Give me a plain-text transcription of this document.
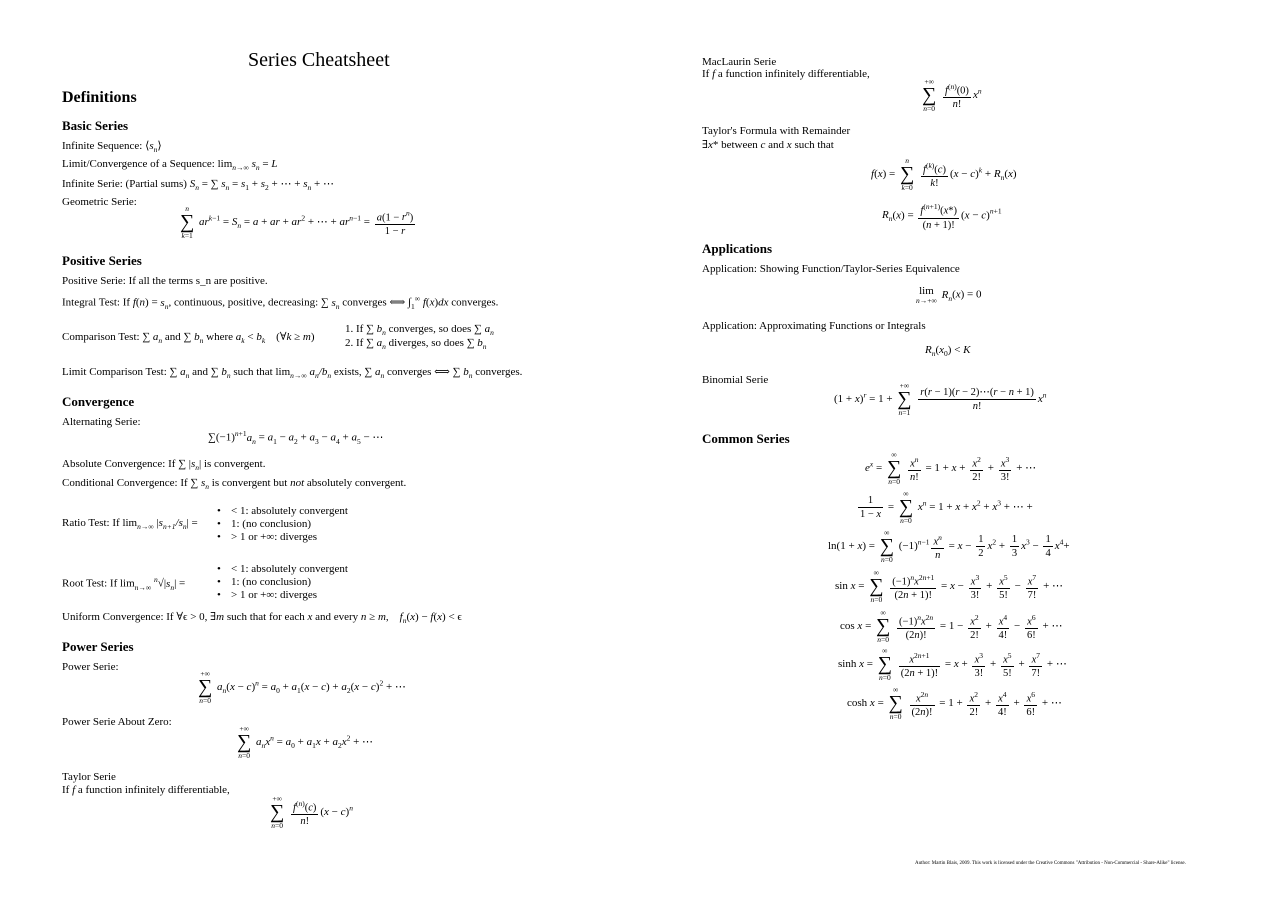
Series Cheatsheet
Definitions
Basic Series
Infinite Sequence: $⟨s_n⟩$
Limit/Convergence of a Sequence: $\lim_{n\to\infty} s_n = L$
Infinite Serie: (Partial sums) $S_n$ = ∑ $s_n = s_1 + s_2$ + ⋯ + $s_n$ + ⋯
Geometric Serie:
n
∑
k=1
$ar^{k-1} = S_n = a$ + ar + $ar^2$ + ⋯ + $ar^{n-1} = \frac{a(1 - r^n)}{1 - r}$
Positive Series
Positive Serie: If all the terms s_n are positive.
Integral Test: If $f(n) = s_n$, continuous, positive, decreasing: ∑ $s_n$ converges ⟺ $\int_1^\infty$ f(x)dx converges.
Comparison Test: ∑ $a_n$ and ∑ $b_n$ where $a_k < b_k$    (∀k ≥ m)
1. If ∑ $b_n$ converges, so does ∑ $a_n$
2. If ∑ $a_n$ diverges, so does ∑ $b_n$
Limit Comparison Test: ∑ $a_n$ and ∑ $b_n$ such that $\lim_{n\to\infty} a_n/b_n$ exists, ∑ $a_n$ converges ⟺ ∑ $b_n$ converges.
Convergence
Alternating Serie:
$\sum(-1)^{n+1}a_n = a_1 - a_2 + a_3 - a_4 + a_5$ − ⋯
Absolute Convergence: If ∑ $|s_n|$ is convergent.
Conditional Convergence: If ∑ $s_n$ is convergent but not absolutely convergent.
Ratio Test: If $\lim_{n\to\infty} |s_{n+1}/s_n|$ =
• < 1: absolutely convergent
• 1: (no conclusion)
• > 1 or +∞: diverges
Root Test: If $\lim_{n\to\infty} ^n√|s_n|$ =
• < 1: absolutely convergent
• 1: (no conclusion)
• > 1 or +∞: diverges
Uniform Convergence: If ∀ϵ > 0, ∃m such that for each x and every n ≥ m,    $f_n(x) - f(x) < \epsilon$
Power Series
Power Serie:
+∞
∑
n=0
$a_n(x - c)^n = a_0 + a_1(x - c) + a_2(x - c)^2$ + ⋯
Power Serie About Zero:
+∞
∑
n=0
$a_nx^n = a_0 + a_1x + a_2x^2$ + ⋯
Taylor Serie
If f a function infinitely differentiable,
+∞
∑
n=0
$\frac{f^{(n)}(c)}{n!} (x - c)^n$
MacLaurin Serie
If f a function infinitely differentiable,
+∞
∑
n=0
$\frac{f^{(n)}(0)}{n!} x^n$
Taylor's Formula with Remainder
∃x* between c and x such that
f(x) =
n
∑
k=0
$\frac{f^{(k)}(c)}{k!} (x - c)^k + R_n(x)$
$R_n(x) = \frac{f^{(n+1)}(x*)}{(n + 1)!} (x - c)^{n+1}$
Applications
Application: Showing Function/Taylor-Series Equivalence
lim
n→+∞ $R_n(x) = 0$
Application: Approximating Functions or Integrals
$R_n(x_0) < K$
Binomial Serie
$(1 + x)^r = 1$ +
+∞
∑
n=1
$\frac{r(r - 1)(r - 2)\cdots(r - n + 1)}{n!} x^n$
Common Series
$e^x$ =
∞
∑
n=0
$\frac{x^n}{n!} = 1 + x + \frac{x^2}{2!} + \frac{x^3}{3!}$ + ⋯
$\frac{1}{1 - x}$ =
∞
∑
n=0
$x^n = 1 + x + x^2 + x^3$ + ⋯ +
ln(1 + x) =
∞
∑
n=0
$(-1)^{n-1} \frac{x^n}{n} = x - \frac{1}{2} x^2 + \frac{1}{3} x^3 - \frac{1}{4} x^4+$
sin x =
∞
∑
n=0
$\frac{(-1)^nx^{2n+1}}{(2n + 1)!} = x - \frac{x^3}{3!} + \frac{x^5}{5!} - \frac{x^7}{7!}$ + ⋯
cos x =
∞
∑
n=0
$\frac{(-1)^nx^{2n}}{(2n)!} = 1 - \frac{x^2}{2!} + \frac{x^4}{4!} - \frac{x^6}{6!}$ + ⋯
sinh x =
∞
∑
n=0
$\frac{x^{2n+1}}{(2n + 1)!} = x + \frac{x^3}{3!} + \frac{x^5}{5!} + \frac{x^7}{7!}$ + ⋯
cosh x =
∞
∑
n=0
$\frac{x^{2n}}{(2n)!} = 1 + \frac{x^2}{2!} + \frac{x^4}{4!} + \frac{x^6}{6!}$ + ⋯
Author: Martin Blais, 2009. This work is licensed under the Creative Commons "Attribution - Non-Commercial - Share-Alike" license.
